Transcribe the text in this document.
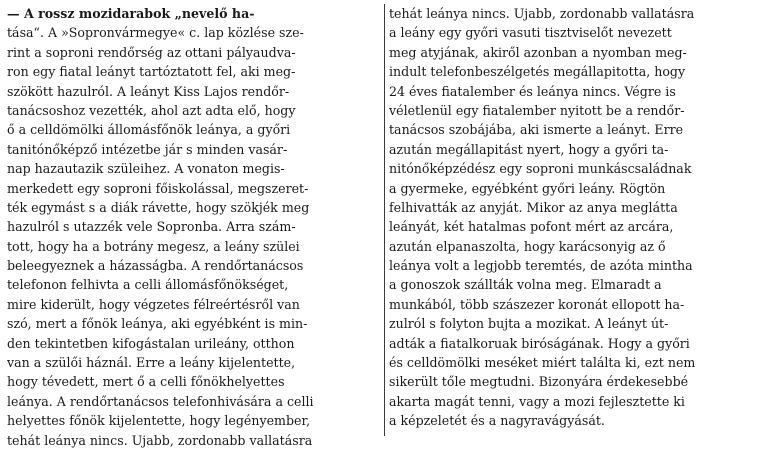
— A rossz mozidarabok „nevelő ha-
tása“. A »Sopronvármegye« c. lap közlése sze-
rint a soproni rendőrség az ottani pályaudva-
ron egy fiatal leányt tartóztatott fel, aki meg-
szökött hazulról. A leányt Kiss Lajos rendőr-
tanácsoshoz vezették, ahol azt adta elő, hogy
ő a celldömölki állomásfőnök leánya, a győri
tanitónőképző intézetbe jár s minden vasár-
nap hazautazik szüleihez. A vonaton megis-
merkedett egy soproni főiskolással, megszeret-
ték egymást s a diák rávette, hogy szökjék meg
hazulról s utazzék vele Sopronba. Arra szám-
tott, hogy ha a botrány megesz, a leány szülei
beleegyeznek a házasságba. A rendőrtanácsos
telefonon felhivta a celli állomásfőnökséget,
mire kiderült, hogy végzetes félreértésről van
szó, mert a főnök leánya, aki egyébként is min-
den tekintetben kifogástalan urileány, otthon
van a szülői háznál. Erre a leány kijelentette,
hogy tévedett, mert ő a celli főnökhelyettes
leánya. A rendőrtanácsos telefonhivására a celli
helyettes főnök kijelentette, hogy legényember,
tehát leánya nincs. Ujabb, zordonabb vallatásra
tehát leánya nincs. Ujabb, zordonabb vallatásra
a leány egy győri vasuti tisztviselőt nevezett
meg atyjának, akiről azonban a nyomban meg-
indult telefonbeszélgetés megállapitotta, hogy
24 éves fiatalember és leánya nincs. Végre is
véletlenül egy fiatalember nyitott be a rendőr-
tanácsos szobájába, aki ismerte a leányt. Erre
azután megállapitást nyert, hogy a győri ta-
nitónőképzédész egy soproni munkáscsaládnak
a gyermeke, egyébként győri leány. Rögtön
felhivatták az anyját. Mikor az anya meglátta
leányát, két hatalmas pofont mért az arcára,
azután elpanaszolta, hogy karácsonyig az ő
leánya volt a legjobb teremtés, de azóta mintha
a gonoszok szállták volna meg. Elmaradt a
munkából, több szászezer koronát ellopott ha-
zulról s folyton bujta a mozikat. A leányt út-
adták a fiatalkoruak biróságának. Hogy a győri
és celldömölki meséket miért találta ki, ezt nem
sikerült tőle megtudni. Bizonyára érdekesebbé
akarta magát tenni, vagy a mozi fejlesztette ki
a képzeletét és a nagyravágyását.
